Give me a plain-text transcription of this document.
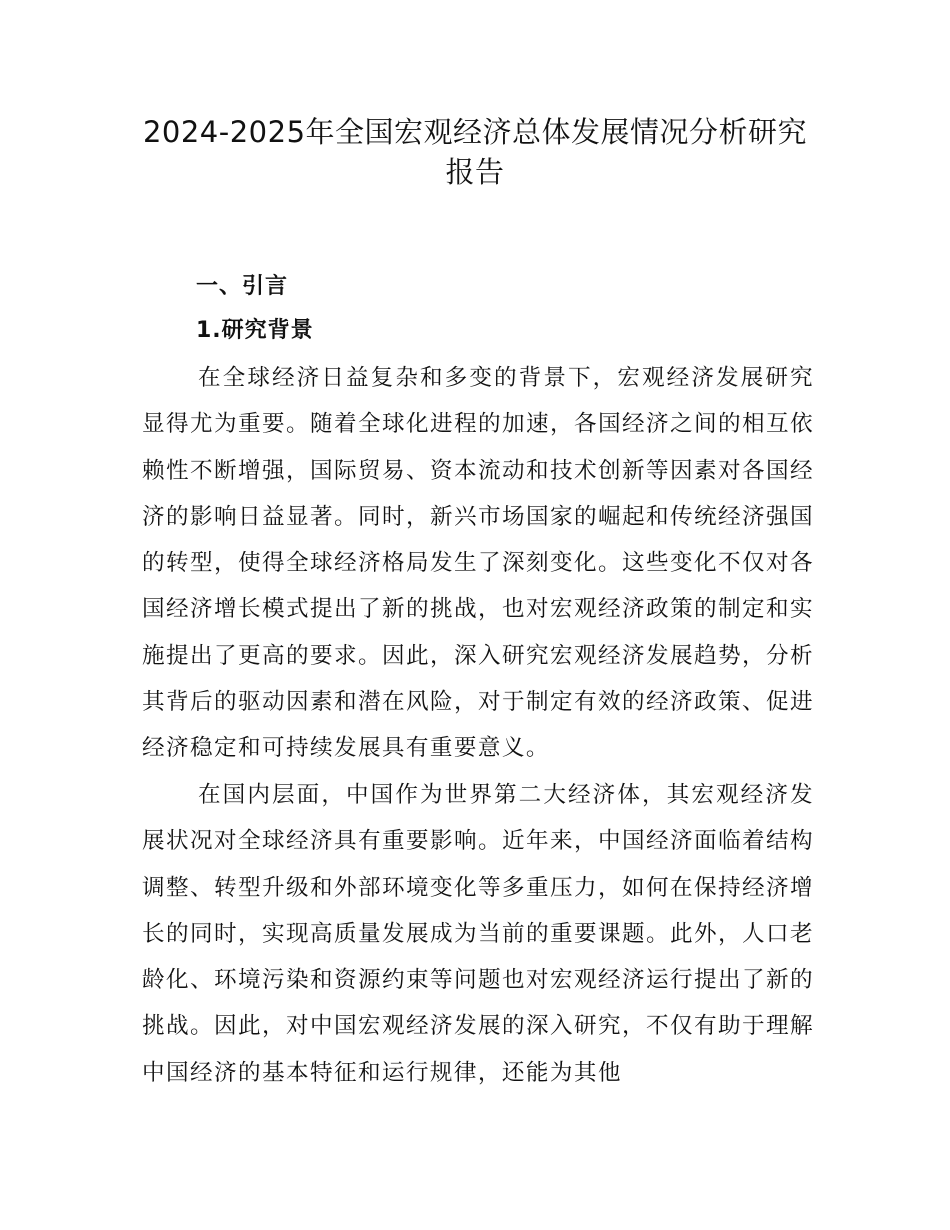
2024-2025年全国宏观经济总体发展情况分析研究报告
一、引言
1.研究背景

在全球经济日益复杂和多变的背景下，宏观经济发展研究显得尤为重要。随着全球化进程的加速，各国经济之间的相互依赖性不断增强，国际贸易、资本流动和技术创新等因素对各国经济的影响日益显著。同时，新兴市场国家的崛起和传统经济强国的转型，使得全球经济格局发生了深刻变化。这些变化不仅对各国经济增长模式提出了新的挑战，也对宏观经济政策的制定和实施提出了更高的要求。因此，深入研究宏观经济发展趋势，分析其背后的驱动因素和潜在风险，对于制定有效的经济政策、促进经济稳定和可持续发展具有重要意义。

在国内层面，中国作为世界第二大经济体，其宏观经济发展状况对全球经济具有重要影响。近年来，中国经济面临着结构调整、转型升级和外部环境变化等多重压力，如何在保持经济增长的同时，实现高质量发展成为当前的重要课题。此外，人口老龄化、环境污染和资源约束等问题也对宏观经济运行提出了新的挑战。因此，对中国宏观经济发展的深入研究，不仅有助于理解中国经济的基本特征和运行规律，还能为其他
